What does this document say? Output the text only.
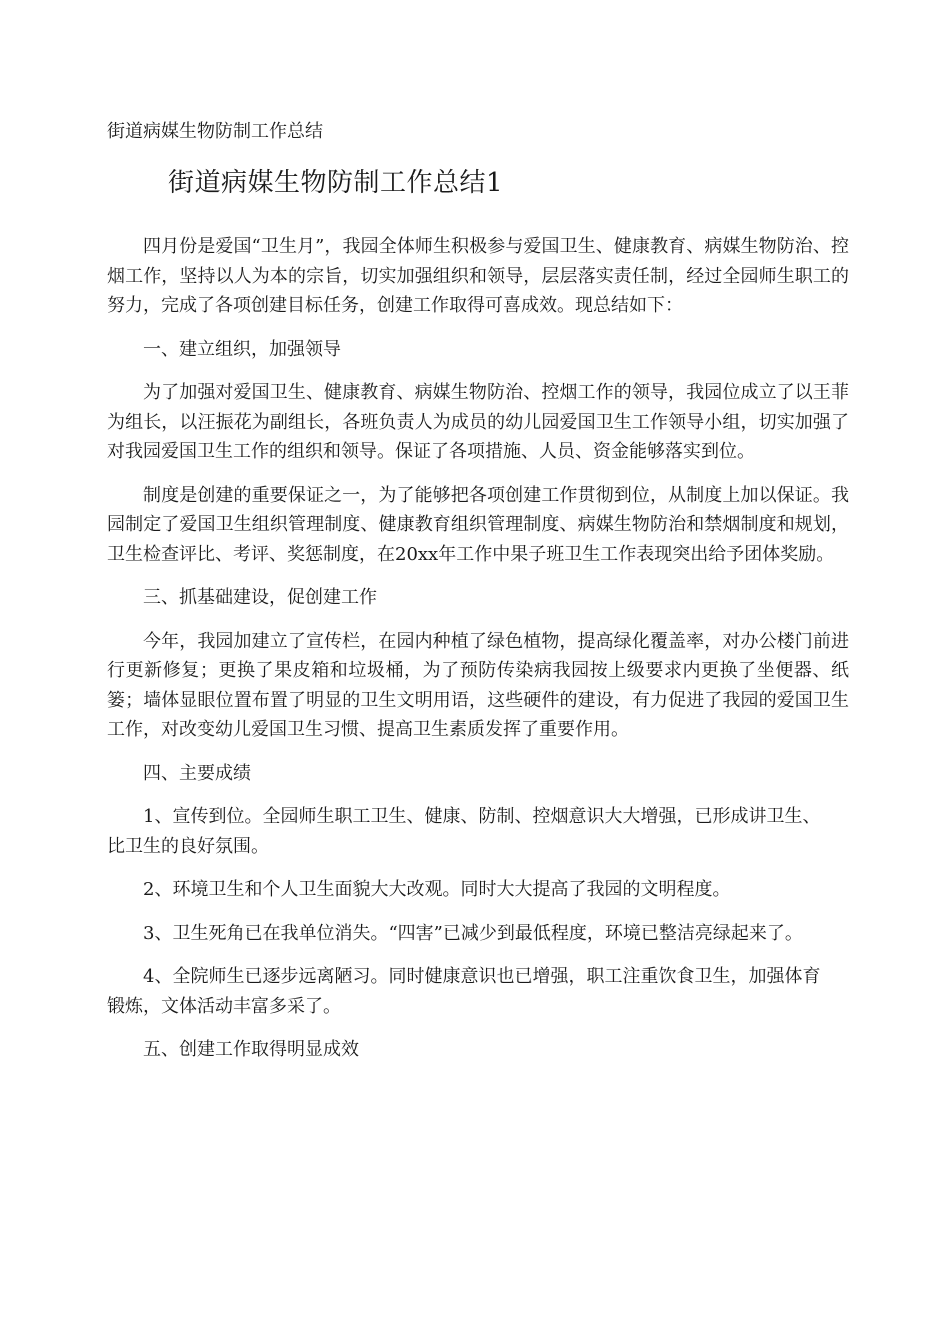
街道病媒生物防制工作总结
街道病媒生物防制工作总结1

四月份是爱国“卫生月”，我园全体师生积极参与爱国卫生、健康教育、病媒生物防治、控烟工作，坚持以人为本的宗旨，切实加强组织和领导，层层落实责任制，经过全园师生职工的努力，完成了各项创建目标任务，创建工作取得可喜成效。现总结如下：

一、建立组织，加强领导

为了加强对爱国卫生、健康教育、病媒生物防治、控烟工作的领导，我园位成立了以王菲为组长，以汪振花为副组长，各班负责人为成员的幼儿园爱国卫生工作领导小组，切实加强了对我园爱国卫生工作的组织和领导。保证了各项措施、人员、资金能够落实到位。

制度是创建的重要保证之一，为了能够把各项创建工作贯彻到位，从制度上加以保证。我园制定了爱国卫生组织管理制度、健康教育组织管理制度、病媒生物防治和禁烟制度和规划，卫生检查评比、考评、奖惩制度，在20xx年工作中果子班卫生工作表现突出给予团体奖励。

三、抓基础建设，促创建工作

今年，我园加建立了宣传栏，在园内种植了绿色植物，提高绿化覆盖率，对办公楼门前进行更新修复；更换了果皮箱和垃圾桶，为了预防传染病我园按上级要求内更换了坐便器、纸篓；墙体显眼位置布置了明显的卫生文明用语，这些硬件的建设，有力促进了我园的爱国卫生工作，对改变幼儿爱国卫生习惯、提高卫生素质发挥了重要作用。

四、主要成绩

1、宣传到位。全园师生职工卫生、健康、防制、控烟意识大大增强，已形成讲卫生、比卫生的良好氛围。

2、环境卫生和个人卫生面貌大大改观。同时大大提高了我园的文明程度。

3、卫生死角已在我单位消失。“四害”已减少到最低程度，环境已整洁亮绿起来了。

4、全院师生已逐步远离陋习。同时健康意识也已增强，职工注重饮食卫生，加强体育锻炼，文体活动丰富多采了。

五、创建工作取得明显成效
